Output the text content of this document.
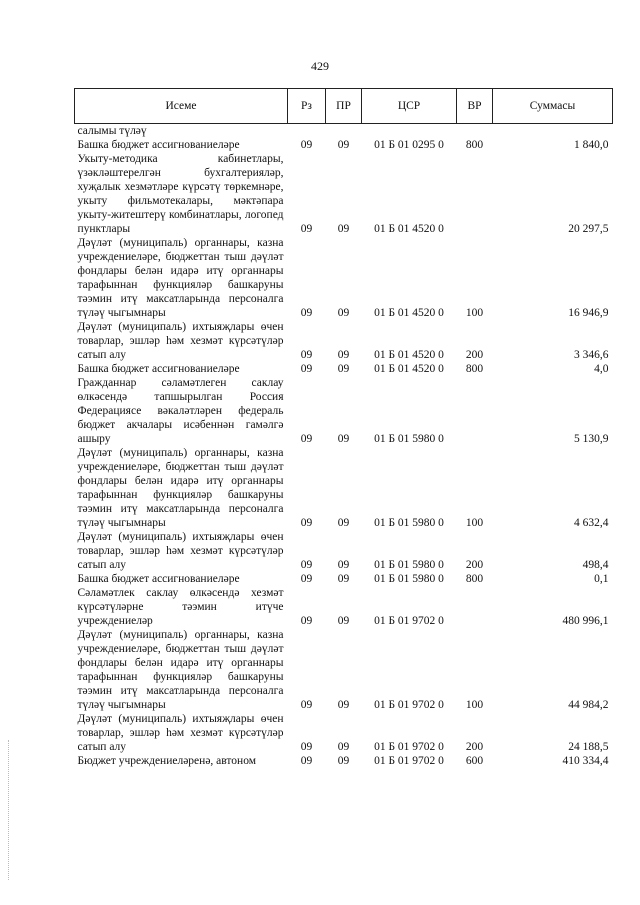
429
Исеме	Рз	ПР	ЦСР	ВР	Суммасы
салымы түләү					
Башка бюджет ассигнованиеләре	09	09	01 Б 01 0295 0	800	1 840,0
Укыту-методика кабинетлары, үзәкләштерелгән бухгалтерияләр, хуҗалык хезмәтләре күрсәтү төркемнәре, укыту фильмотекалары, мәктәпара укыту-житештерү комбинатлары, логопед пунктлары	09	09	01 Б 01 4520 0		20 297,5
Дәүләт (муниципаль) органнары, казна учреждениеләре, бюджеттан тыш дәүләт фондлары белән идарә итү органнары тарафыннан функцияләр башкаруны тәэмин итү максатларында персоналга түләү чыгымнары	09	09	01 Б 01 4520 0	100	16 946,9
Дәүләт (муниципаль) ихтыяҗлары өчен товарлар, эшләр һәм хезмәт күрсәтүләр сатып алу	09	09	01 Б 01 4520 0	200	3 346,6
Башка бюджет ассигнованиеләре	09	09	01 Б 01 4520 0	800	4,0
Гражданнар сәламәтлеген саклау өлкәсендә тапшырылган Россия Федерациясе вәкаләтләрен федераль бюджет акчалары исәбеннән гамәлгә ашыру	09	09	01 Б 01 5980 0		5 130,9
Дәүләт (муниципаль) органнары, казна учреждениеләре, бюджеттан тыш дәүләт фондлары белән идарә итү органнары тарафыннан функцияләр башкаруны тәэмин итү максатларында персоналга түләү чыгымнары	09	09	01 Б 01 5980 0	100	4 632,4
Дәүләт (муниципаль) ихтыяҗлары өчен товарлар, эшләр һәм хезмәт күрсәтүләр сатып алу	09	09	01 Б 01 5980 0	200	498,4
Башка бюджет ассигнованиеләре	09	09	01 Б 01 5980 0	800	0,1
Сәламәтлек саклау өлкәсендә хезмәт күрсәтүләрне тәэмин итүче учреждениеләр	09	09	01 Б 01 9702 0		480 996,1
Дәүләт (муниципаль) органнары, казна учреждениеләре, бюджеттан тыш дәүләт фондлары белән идарә итү органнары тарафыннан функцияләр башкаруны тәэмин итү максатларында персоналга түләү чыгымнары	09	09	01 Б 01 9702 0	100	44 984,2
Дәүләт (муниципаль) ихтыяҗлары өчен товарлар, эшләр һәм хезмәт күрсәтүләр сатып алу	09	09	01 Б 01 9702 0	200	24 188,5
Бюджет учреждениеләренә, автоном	09	09	01 Б 01 9702 0	600	410 334,4
